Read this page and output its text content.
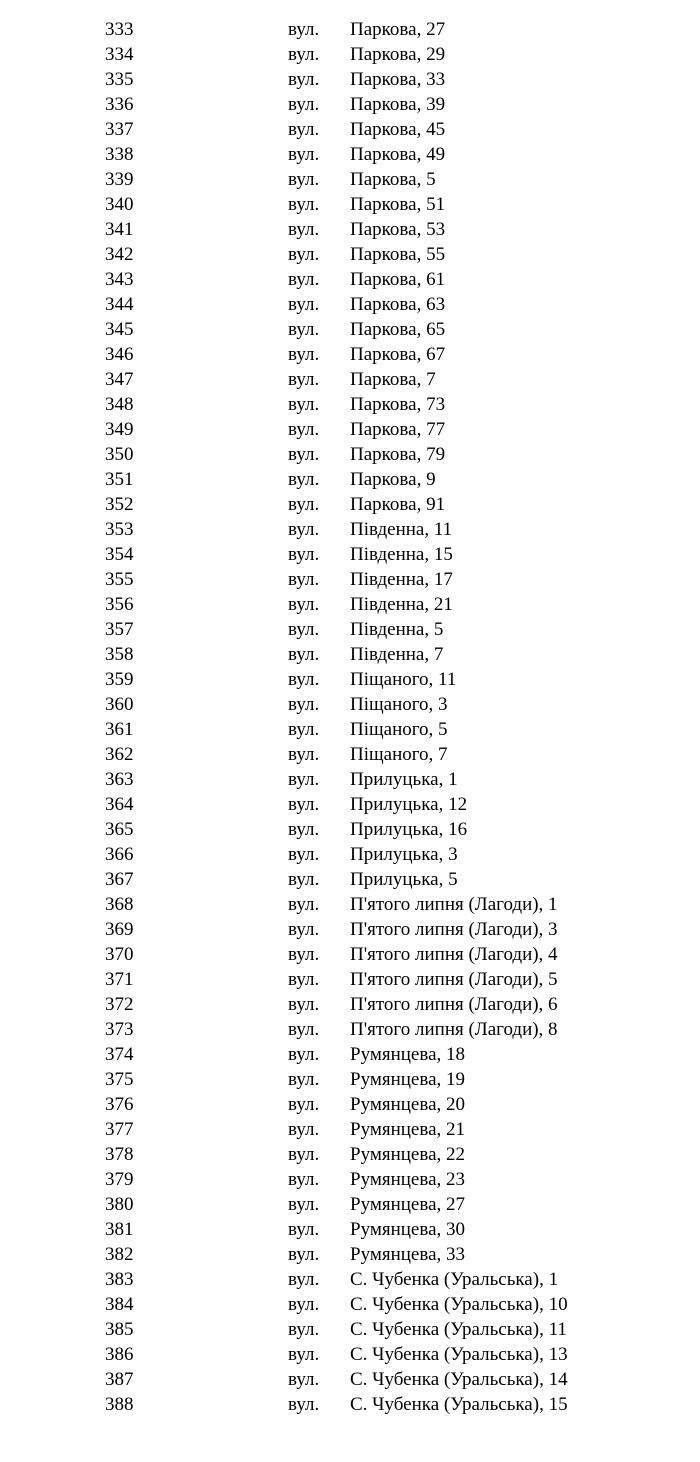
333	вул. Паркова, 27
334	вул. Паркова, 29
335	вул. Паркова, 33
336	вул. Паркова, 39
337	вул. Паркова, 45
338	вул. Паркова, 49
339	вул. Паркова, 5
340	вул. Паркова, 51
341	вул. Паркова, 53
342	вул. Паркова, 55
343	вул. Паркова, 61
344	вул. Паркова, 63
345	вул. Паркова, 65
346	вул. Паркова, 67
347	вул. Паркова, 7
348	вул. Паркова, 73
349	вул. Паркова, 77
350	вул. Паркова, 79
351	вул. Паркова, 9
352	вул. Паркова, 91
353	вул. Південна, 11
354	вул. Південна, 15
355	вул. Південна, 17
356	вул. Південна, 21
357	вул. Південна, 5
358	вул. Південна, 7
359	вул. Піщаного, 11
360	вул. Піщаного, 3
361	вул. Піщаного, 5
362	вул. Піщаного, 7
363	вул. Прилуцька, 1
364	вул. Прилуцька, 12
365	вул. Прилуцька, 16
366	вул. Прилуцька, 3
367	вул. Прилуцька, 5
368	вул. П'ятого липня (Лагоди), 1
369	вул. П'ятого липня (Лагоди), 3
370	вул. П'ятого липня (Лагоди), 4
371	вул. П'ятого липня (Лагоди), 5
372	вул. П'ятого липня (Лагоди), 6
373	вул. П'ятого липня (Лагоди), 8
374	вул. Румянцева, 18
375	вул. Румянцева, 19
376	вул. Румянцева, 20
377	вул. Румянцева, 21
378	вул. Румянцева, 22
379	вул. Румянцева, 23
380	вул. Румянцева, 27
381	вул. Румянцева, 30
382	вул. Румянцева, 33
383	вул. С. Чубенка (Уральська), 1
384	вул. С. Чубенка (Уральська), 10
385	вул. С. Чубенка (Уральська), 11
386	вул. С. Чубенка (Уральська), 13
387	вул. С. Чубенка (Уральська), 14
388	вул. С. Чубенка (Уральська), 15
